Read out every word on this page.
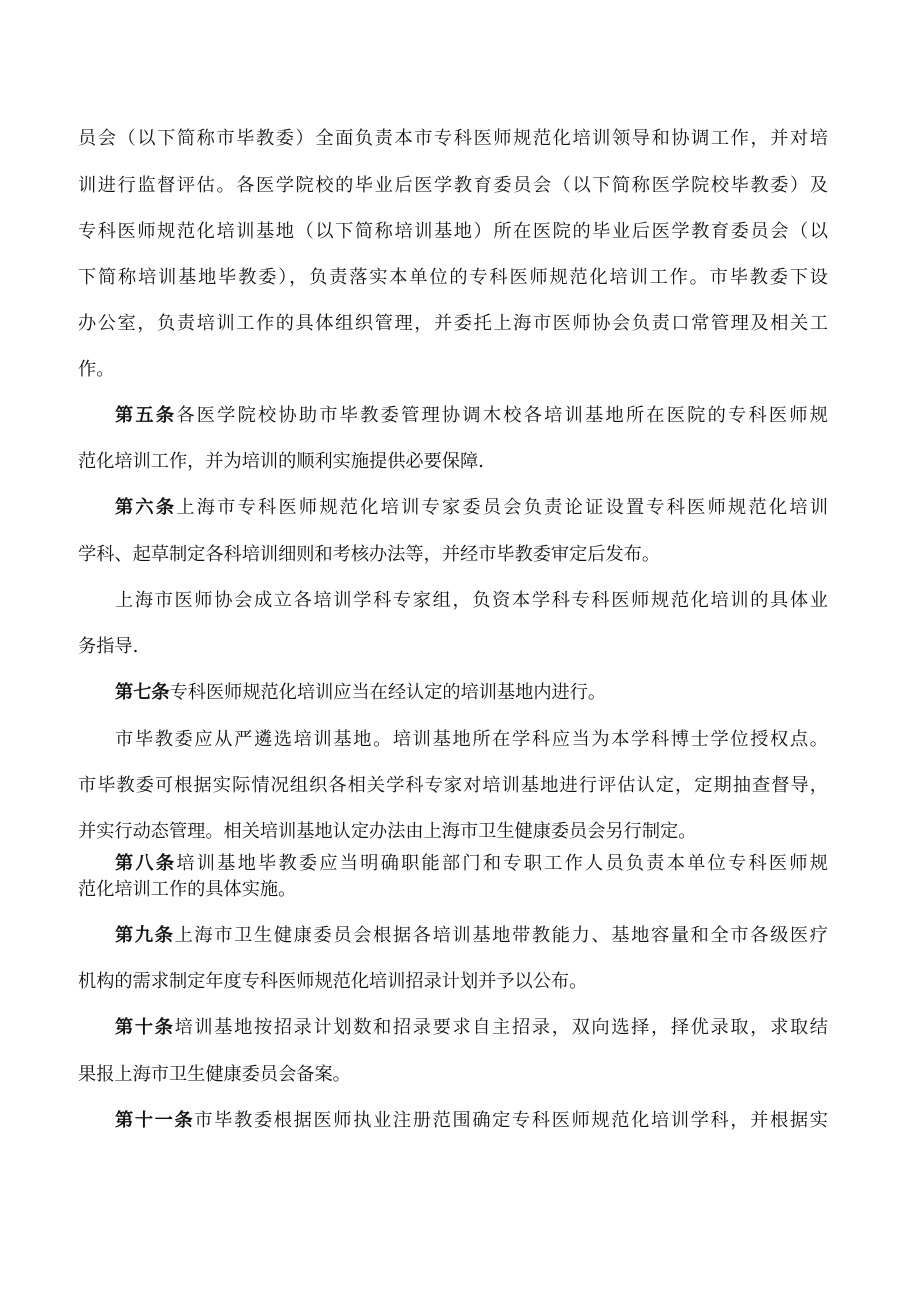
员会（以下简称市毕教委）全面负责本市专科医师规范化培训领导和协调工作，并对培

训进行监督评估。各医学院校的毕业后医学教育委员会（以下简称医学院校毕教委）及

专科医师规范化培训基地（以下简称培训基地）所在医院的毕业后医学教育委员会（以

下简称培训基地毕教委），负责落实本单位的专科医师规范化培训工作。市毕教委下设

办公室，负责培训工作的具体组织管理，并委托上海市医师协会负责口常管理及相关工

作。

第五条各医学院校协助市毕教委管理协调木校各培训基地所在医院的专科医师规

范化培训工作，并为培训的顺利实施提供必要保障.

第六条上海市专科医师规范化培训专家委员会负责论证设置专科医师规范化培训

学科、起草制定各科培训细则和考核办法等，并经市毕教委审定后发布。

上海市医师协会成立各培训学科专家组，负资本学科专科医师规范化培训的具体业

务指导.

第七条专科医师规范化培训应当在经认定的培训基地内进行。

市毕教委应从严遴选培训基地。培训基地所在学科应当为本学科博士学位授权点。

市毕教委可根据实际情况组织各相关学科专家对培训基地进行评估认定，定期抽查督导，

并实行动态管理。相关培训基地认定办法由上海市卫生健康委员会另行制定。

第八条培训基地毕教委应当明确职能部门和专职工作人员负责本单位专科医师规

范化培训工作的具体实施。

第九条上海市卫生健康委员会根据各培训基地带教能力、基地容量和全市各级医疗

机构的需求制定年度专科医师规范化培训招录计划并予以公布。

第十条培训基地按招录计划数和招录要求自主招录，双向选择，择优录取，求取结

果报上海市卫生健康委员会备案。

第十一条市毕教委根据医师执业注册范围确定专科医师规范化培训学科，并根据实
